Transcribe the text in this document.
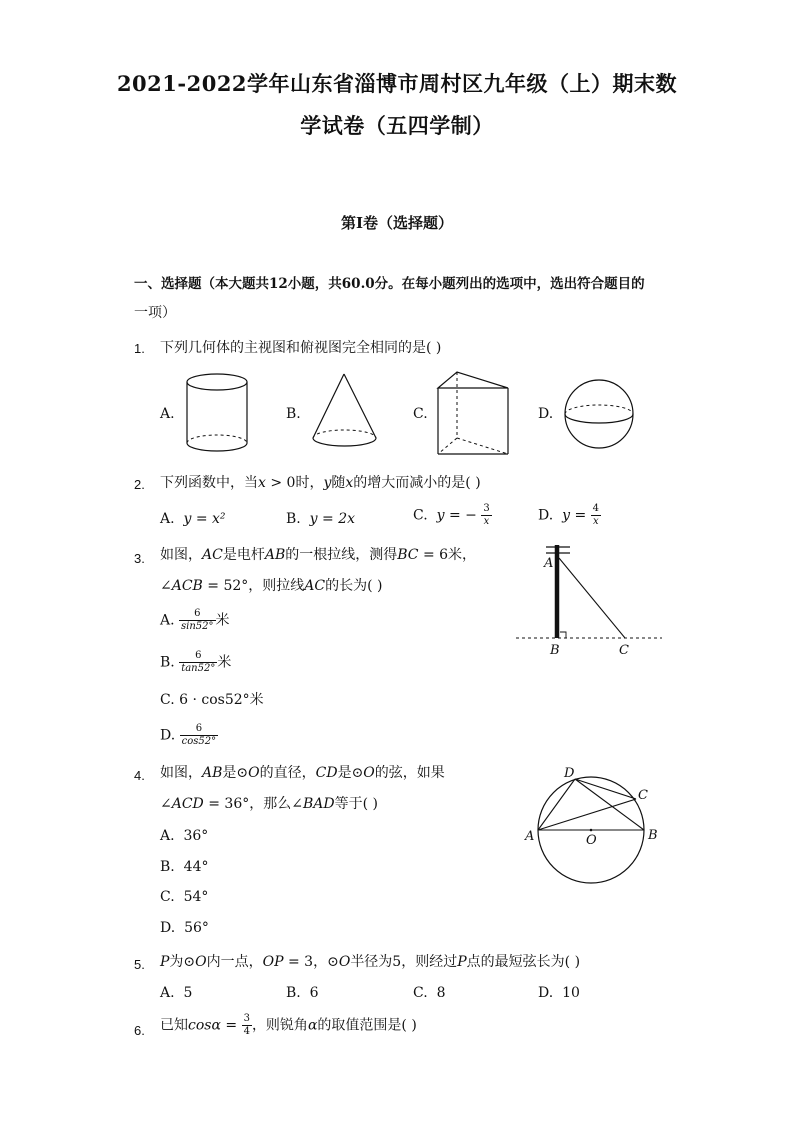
2021-2022学年山东省淄博市周村区九年级（上）期末数
学试卷（五四学制）
第Ⅰ卷（选择题）
一、选择题（本大题共12小题，共60.0分。在每小题列出的选项中，选出符合题目的
一项）
1. 下列几何体的主视图和俯视图完全相同的是( )
A.	B.	C.	D.
2. 下列函数中，当x > 0时，y随x的增大而减小的是( )
A. y = x²	B. y = 2x	C. y = − $\frac{3}{x}$	D. $y = \frac{4}{x}$
3. 如图，AC是电杆AB的一根拉线，测得BC = 6米，
∠ACB = 52°，则拉线AC的长为( )
A. $\frac{6}{\sin 52^\circ}$ 米
B. $\frac{6}{\tan 52^\circ}$ 米
C. 6 · cos52°米
D. $\frac{6}{\cos 52^\circ}$
A
B	C
4. 如图，AB是⊙O的直径，CD是⊙O的弦，如果
∠ACD = 36°，那么∠BAD等于( )
A. 36°
B. 44°
C. 54°
D. 56°
D
C
A	O	B
5. P为⊙O内一点，OP = 3，⊙O半径为5，则经过P点的最短弦长为( )
A. 5	B. 6	C. 8	D. 10
6. 已知$\cos\alpha = \frac{3}{4}$ ，则锐角α的取值范围是( )
